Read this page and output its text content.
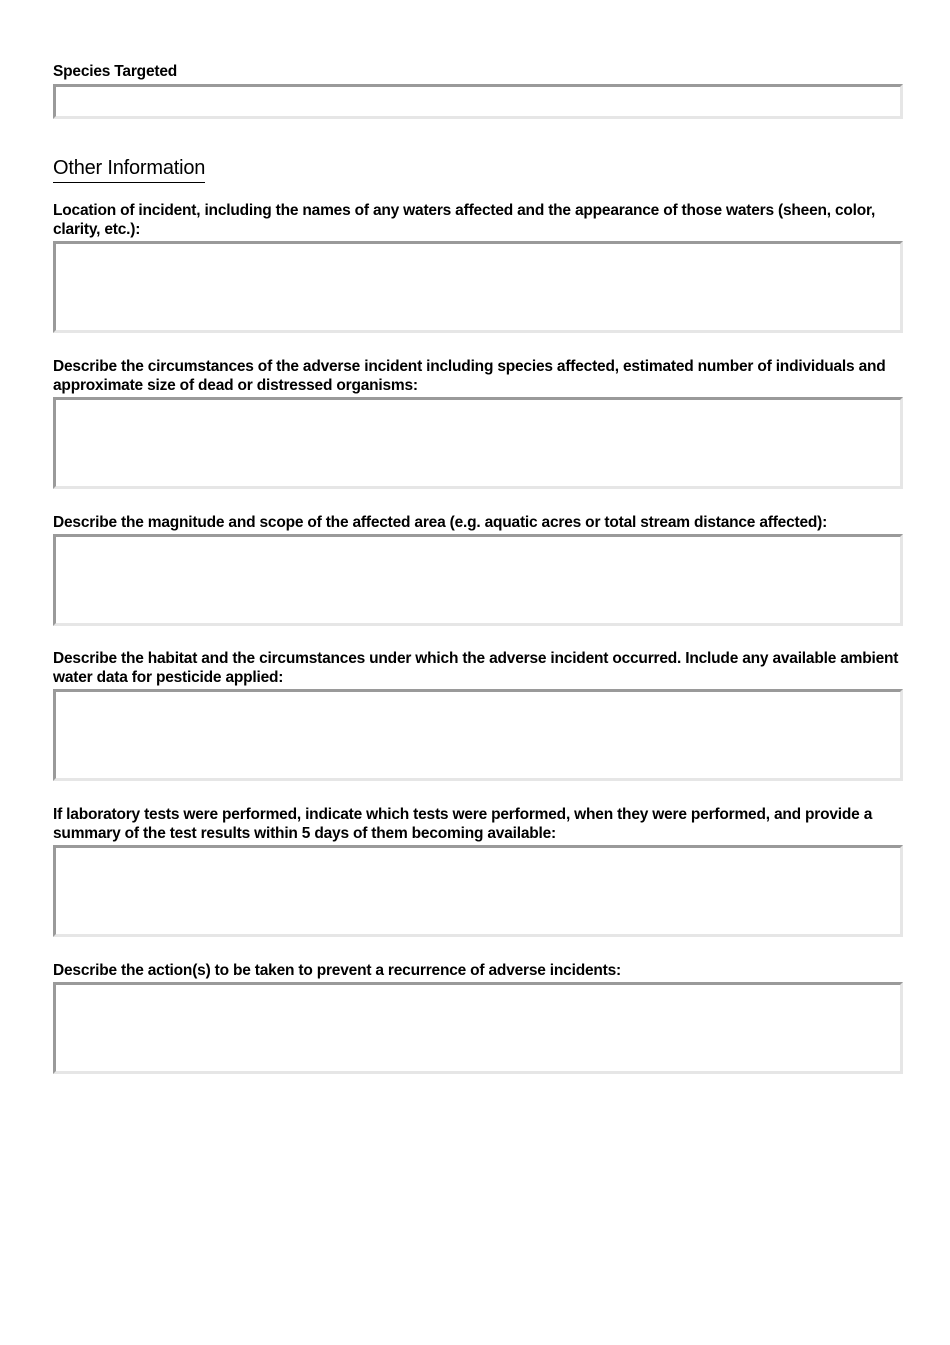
Species Targeted

Other Information

Location of incident, including the names of any waters affected and the appearance of those waters (sheen, color, clarity, etc.):

Describe the circumstances of the adverse incident including species affected, estimated number of individuals and approximate size of dead or distressed organisms:

Describe the magnitude and scope of the affected area (e.g. aquatic acres or total stream distance affected):

Describe the habitat and the circumstances under which the adverse incident occurred. Include any available ambient water data for pesticide applied:

If laboratory tests were performed, indicate which tests were performed, when they were performed, and provide a summary of the test results within 5 days of them becoming available:

Describe the action(s) to be taken to prevent a recurrence of adverse incidents:
